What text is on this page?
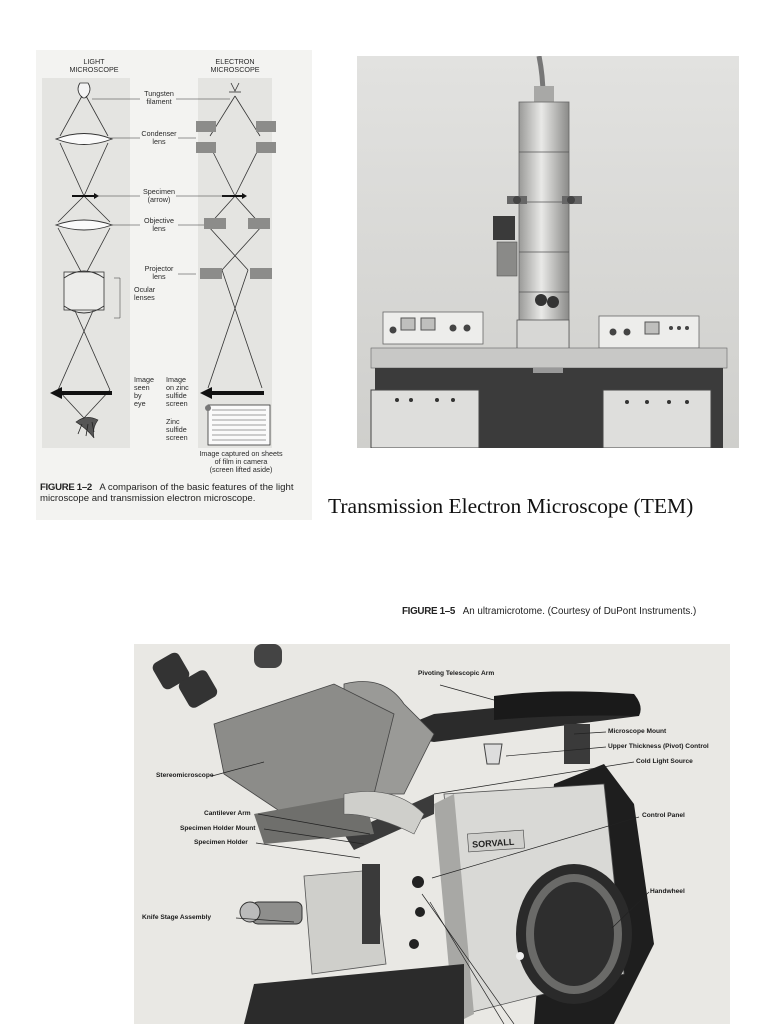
LIGHT
MICROSCOPE
ELECTRON
MICROSCOPE
Tungsten
filament
Condenser
lens
Specimen
(arrow)
Objective
lens
Projector
lens
Ocular
lenses
Image
seen
by
eye
Image
on zinc
sulfide
screen
Zinc
sulfide
screen
Image captured on sheets
of film in camera
(screen lifted aside)
FIGURE 1–2 A comparison of the basic features of the light microscope and transmission electron microscope.	Transmission Electron Microscope (TEM)
FIGURE 1–5 An ultramicrotome. (Courtesy of DuPont Instruments.)
SORVALL
Pivoting Telescopic Arm
Microscope Mount
Upper Thickness (Pivot) Control
Cold Light Source
Stereomicroscope
Control Panel
Cantilever Arm
Specimen Holder Mount
Specimen Holder
Handwheel
Knife Stage Assembly
